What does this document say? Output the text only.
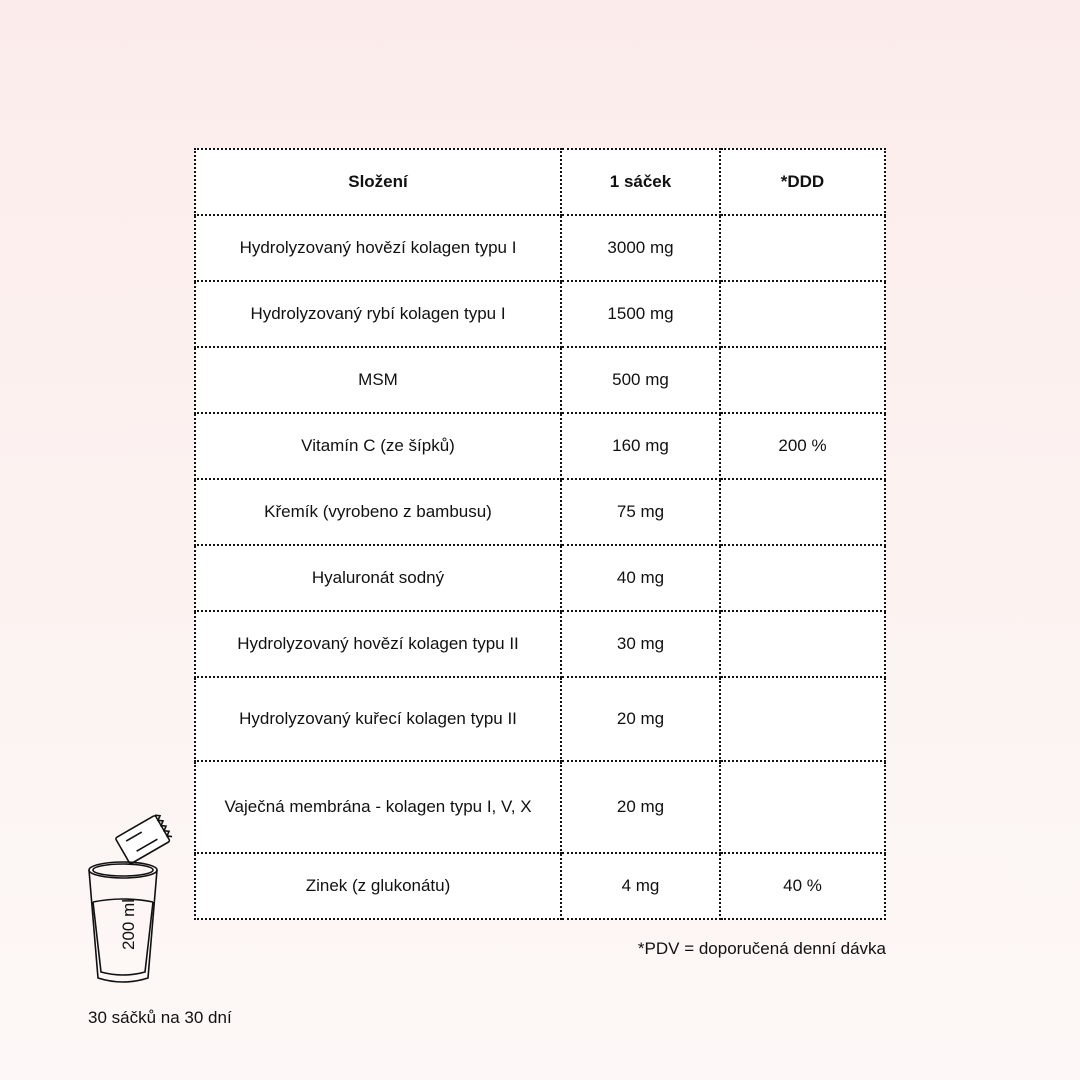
Složení	1 sáček	*DDD
Hydrolyzovaný hovězí kolagen typu I	3000 mg	
Hydrolyzovaný rybí kolagen typu I	1500 mg	
MSM	500 mg	
Vitamín C (ze šípků)	160 mg	200 %
Křemík (vyrobeno z bambusu)	75 mg	
Hyaluronát sodný	40 mg	
Hydrolyzovaný hovězí kolagen typu II	30 mg	
Hydrolyzovaný kuřecí kolagen typu II	20 mg	
Vaječná membrána - kolagen typu I, V, X	20 mg	
Zinek (z glukonátu)	4 mg	40 %
*PDV = doporučená denní dávka
200 ml
30 sáčků na 30 dní
